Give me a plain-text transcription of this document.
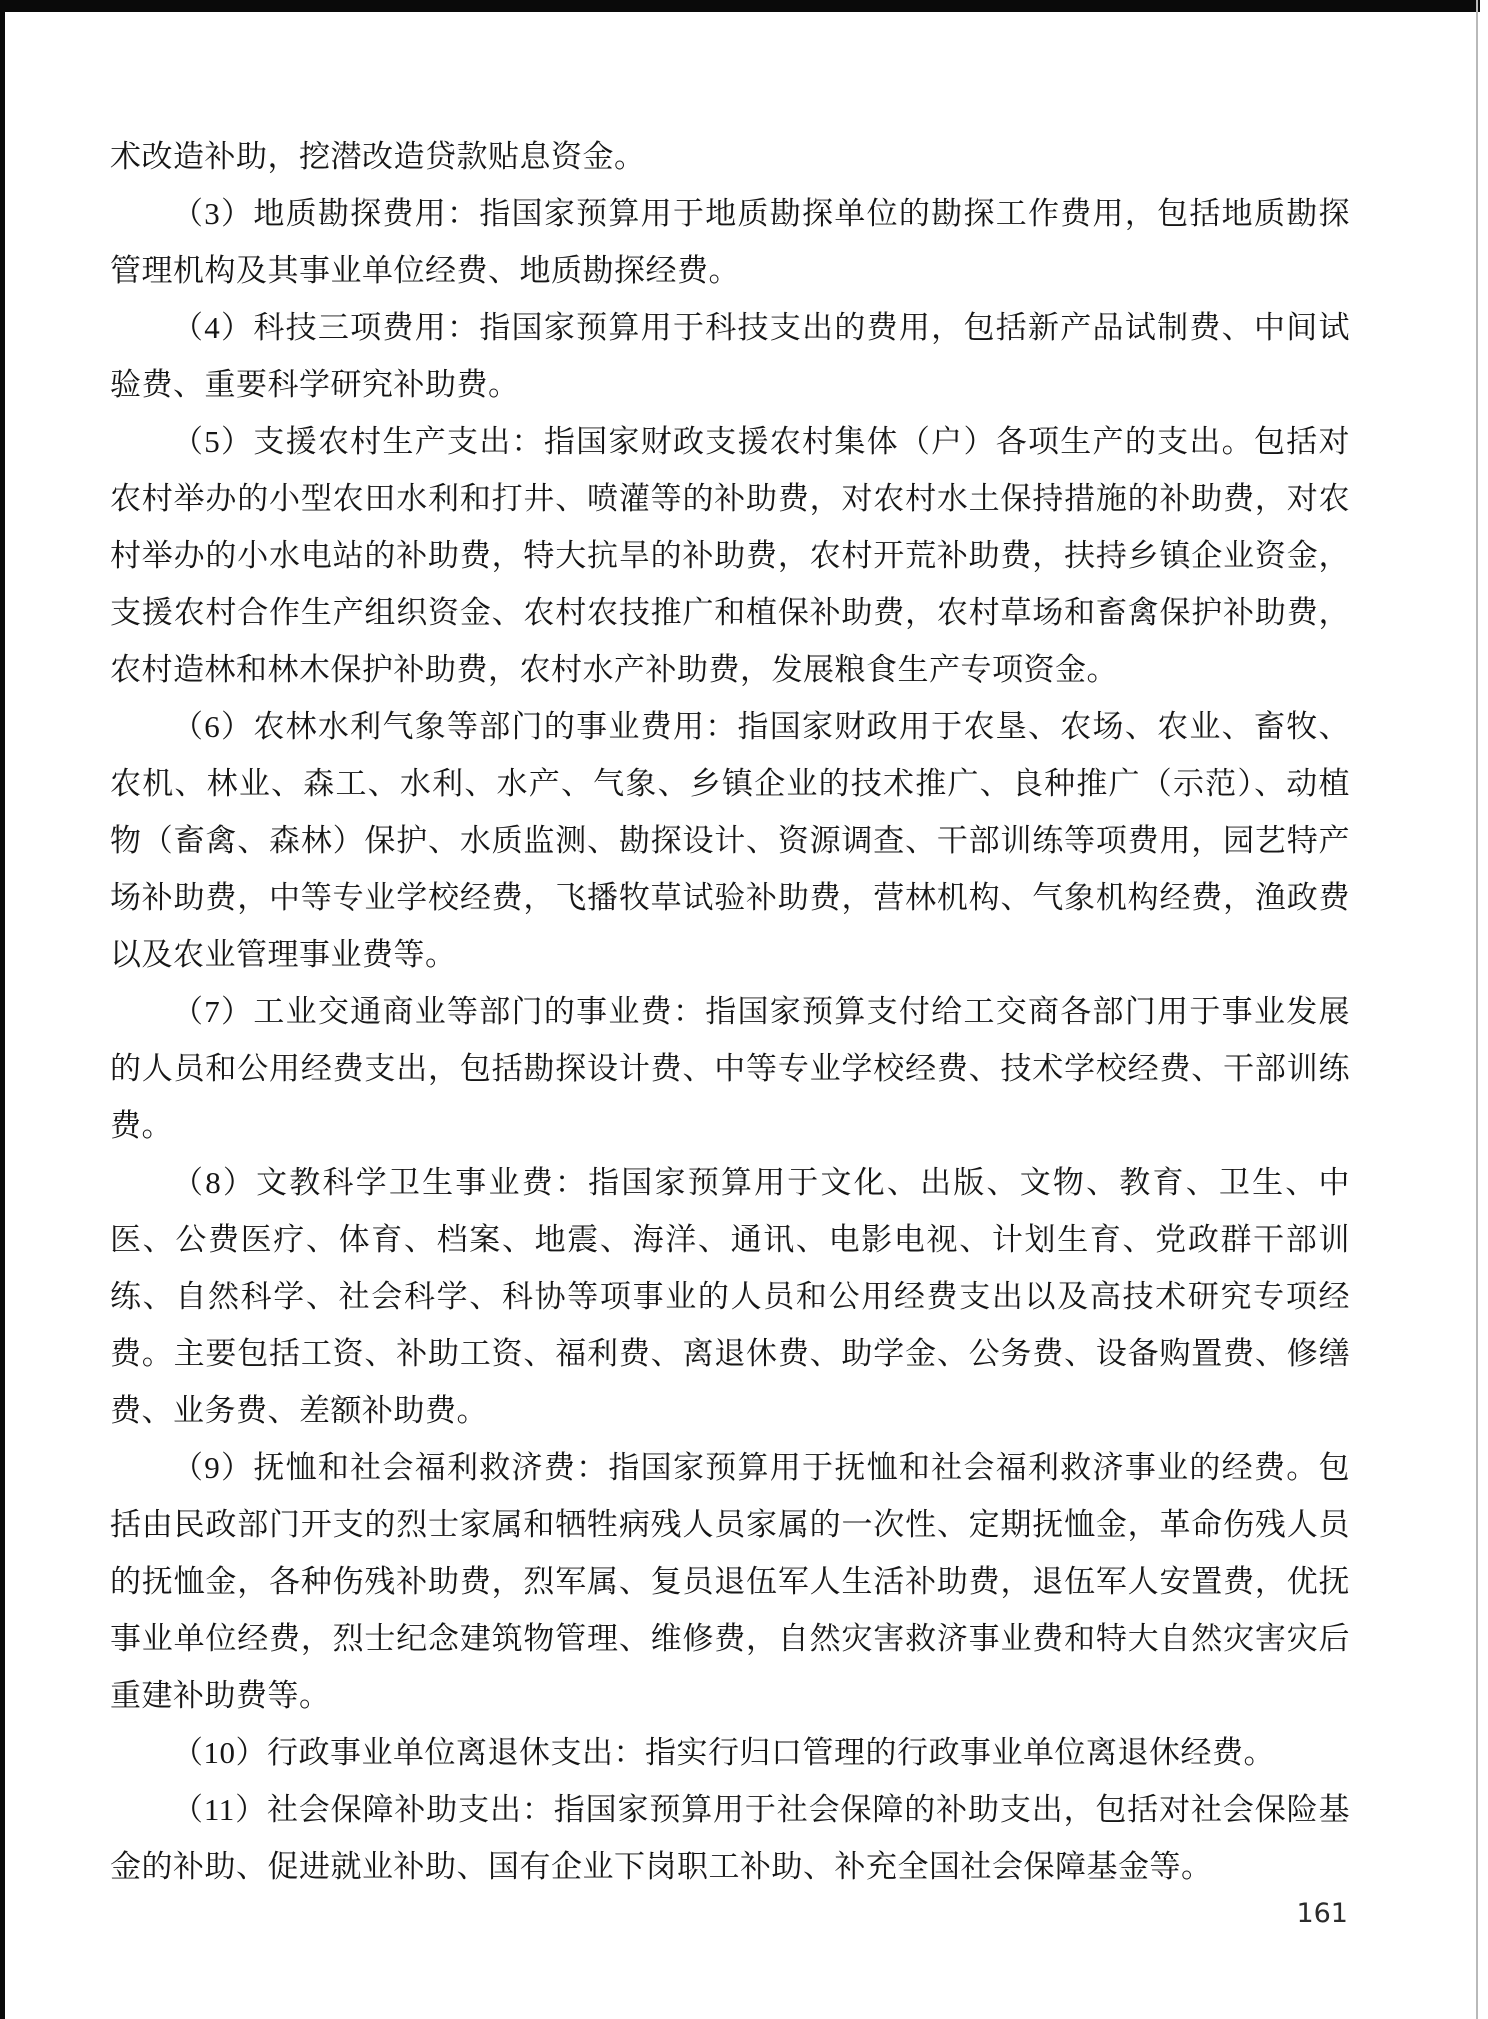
术改造补助，挖潜改造贷款贴息资金。

（3）地质勘探费用：指国家预算用于地质勘探单位的勘探工作费用，包括地质勘探管理机构及其事业单位经费、地质勘探经费。

（4）科技三项费用：指国家预算用于科技支出的费用，包括新产品试制费、中间试验费、重要科学研究补助费。

（5）支援农村生产支出：指国家财政支援农村集体（户）各项生产的支出。包括对农村举办的小型农田水利和打井、喷灌等的补助费，对农村水土保持措施的补助费，对农村举办的小水电站的补助费，特大抗旱的补助费，农村开荒补助费，扶持乡镇企业资金，支援农村合作生产组织资金、农村农技推广和植保补助费，农村草场和畜禽保护补助费，农村造林和林木保护补助费，农村水产补助费，发展粮食生产专项资金。

（6）农林水利气象等部门的事业费用：指国家财政用于农垦、农场、农业、畜牧、农机、林业、森工、水利、水产、气象、乡镇企业的技术推广、良种推广（示范）、动植物（畜禽、森林）保护、水质监测、勘探设计、资源调查、干部训练等项费用，园艺特产场补助费，中等专业学校经费，飞播牧草试验补助费，营林机构、气象机构经费，渔政费以及农业管理事业费等。

（7）工业交通商业等部门的事业费：指国家预算支付给工交商各部门用于事业发展的人员和公用经费支出，包括勘探设计费、中等专业学校经费、技术学校经费、干部训练费。

（8）文教科学卫生事业费：指国家预算用于文化、出版、文物、教育、卫生、中医、公费医疗、体育、档案、地震、海洋、通讯、电影电视、计划生育、党政群干部训练、自然科学、社会科学、科协等项事业的人员和公用经费支出以及高技术研究专项经费。主要包括工资、补助工资、福利费、离退休费、助学金、公务费、设备购置费、修缮费、业务费、差额补助费。

（9）抚恤和社会福利救济费：指国家预算用于抚恤和社会福利救济事业的经费。包括由民政部门开支的烈士家属和牺牲病残人员家属的一次性、定期抚恤金，革命伤残人员的抚恤金，各种伤残补助费，烈军属、复员退伍军人生活补助费，退伍军人安置费，优抚事业单位经费，烈士纪念建筑物管理、维修费，自然灾害救济事业费和特大自然灾害灾后重建补助费等。

（10）行政事业单位离退休支出：指实行归口管理的行政事业单位离退休经费。

（11）社会保障补助支出：指国家预算用于社会保障的补助支出，包括对社会保险基金的补助、促进就业补助、国有企业下岗职工补助、补充全国社会保障基金等。

161
